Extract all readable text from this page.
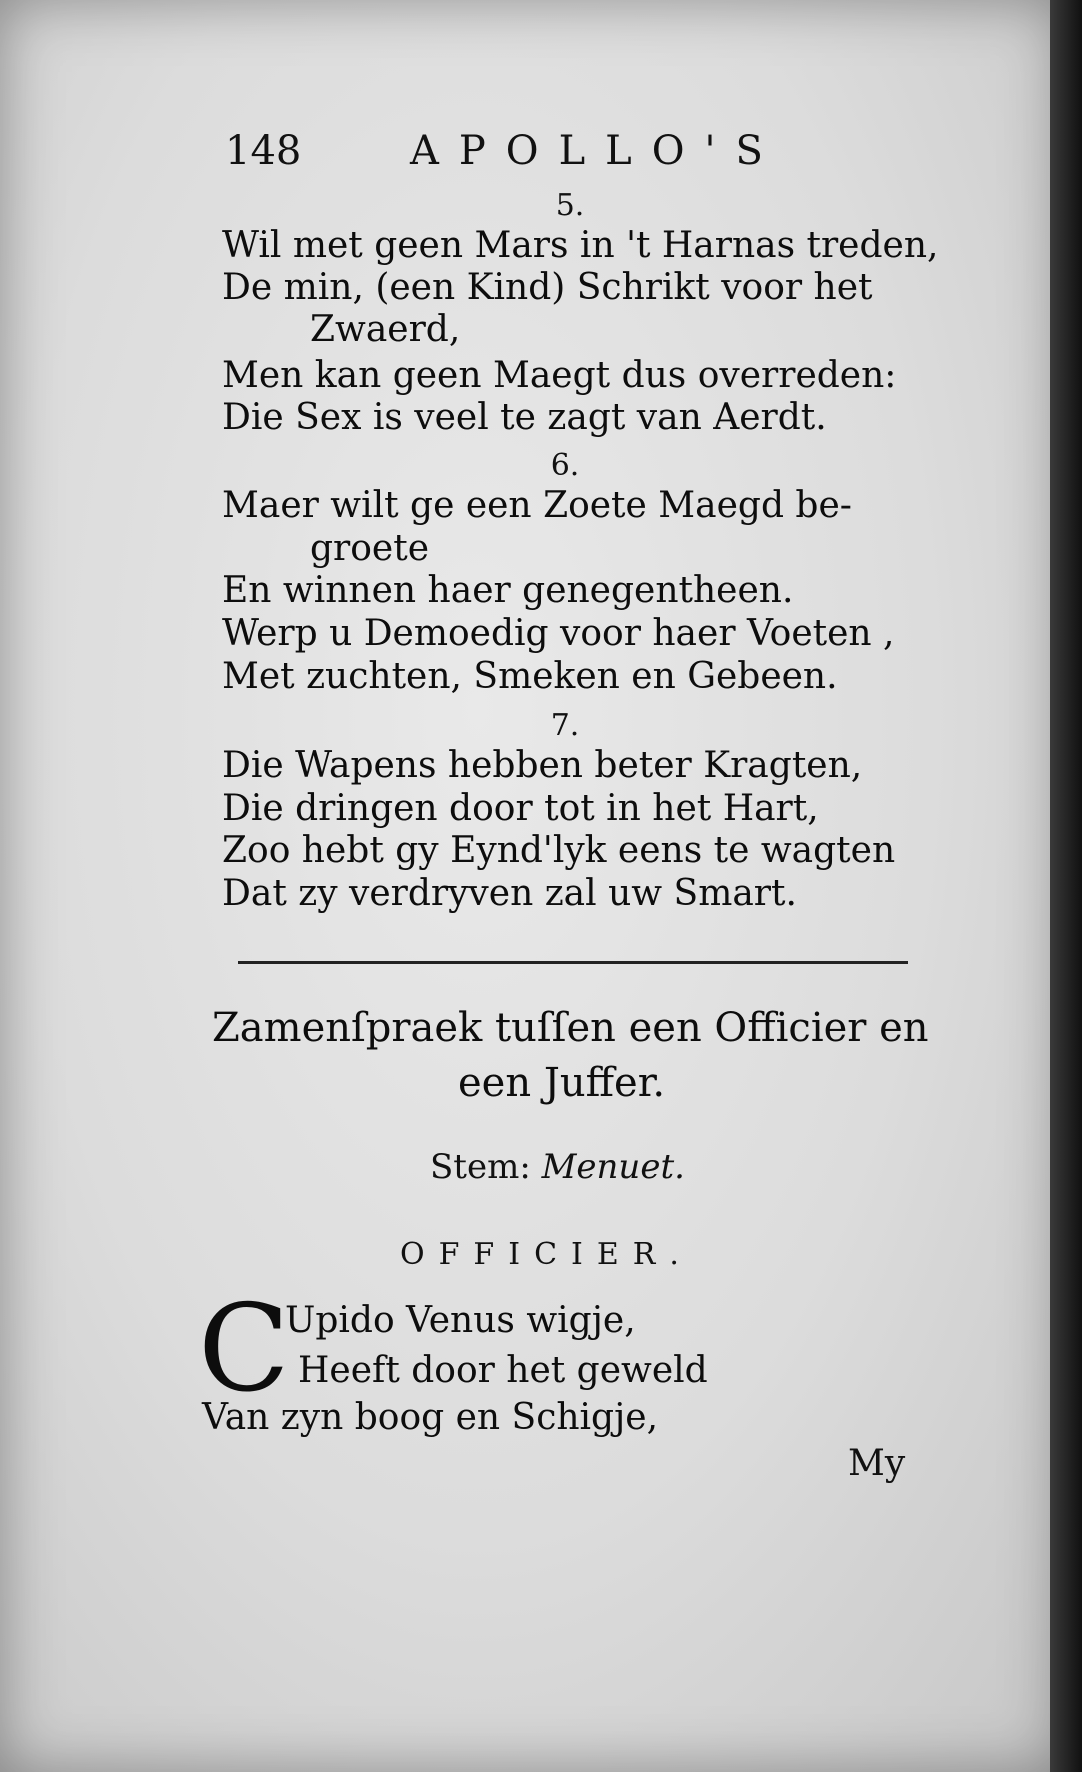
148	APOLLO'S
5.
Wil met geen Mars in 't Harnas treden,
De min, (een Kind) Schrikt voor het
Zwaerd,
Men kan geen Maegt dus overreden:
Die Sex is veel te zagt van Aerdt.
6.
Maer wilt ge een Zoete Maegd be-
groete
En winnen haer genegentheen.
Werp u Demoedig voor haer Voeten ,
Met zuchten, Smeken en Gebeen.
7.
Die Wapens hebben beter Kragten,
Die dringen door tot in het Hart,
Zoo hebt gy Eynd'lyk eens te wagten
Dat zy verdryven zal uw Smart.
Zamenſpraek tuſſen een Officier en
een Juffer.
Stem: Menuet.
OFFICIER.
C
Upido Venus wigje,
Heeft door het geweld
Van zyn boog en Schigje,
My
